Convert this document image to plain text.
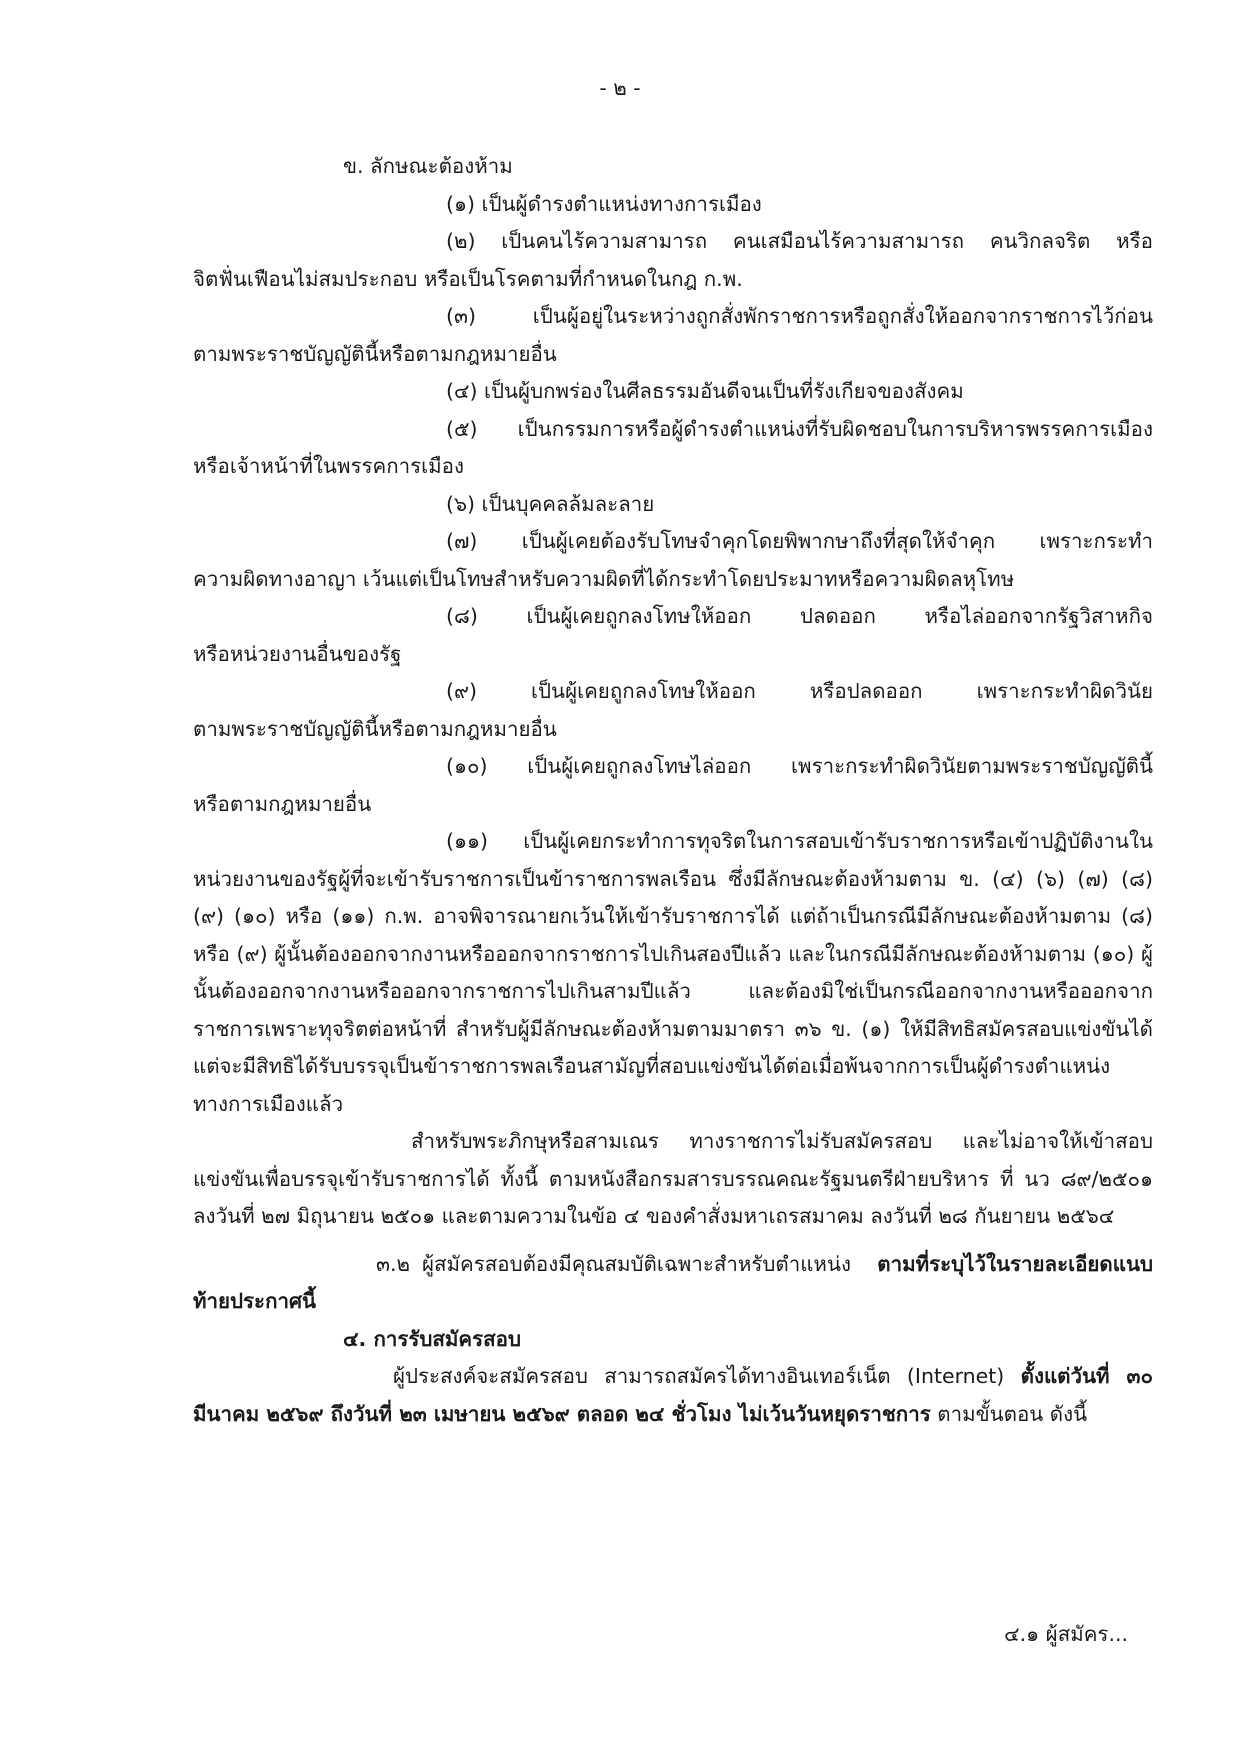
- ๒ -

ข. ลักษณะต้องห้าม

(๑) เป็นผู้ดำรงตำแหน่งทางการเมือง

(๒) เป็นคนไร้ความสามารถ คนเสมือนไร้ความสามารถ คนวิกลจริต หรือ

จิตฟั่นเฟือนไม่สมประกอบ หรือเป็นโรคตามที่กำหนดในกฎ ก.พ.

(๓) เป็นผู้อยู่ในระหว่างถูกสั่งพักราชการหรือถูกสั่งให้ออกจากราชการไว้ก่อน

ตามพระราชบัญญัตินี้หรือตามกฎหมายอื่น

(๔) เป็นผู้บกพร่องในศีลธรรมอันดีจนเป็นที่รังเกียจของสังคม

(๕) เป็นกรรมการหรือผู้ดำรงตำแหน่งที่รับผิดชอบในการบริหารพรรคการเมือง

หรือเจ้าหน้าที่ในพรรคการเมือง

(๖) เป็นบุคคลล้มละลาย

(๗) เป็นผู้เคยต้องรับโทษจำคุกโดยพิพากษาถึงที่สุดให้จำคุก เพราะกระทำ

ความผิดทางอาญา เว้นแต่เป็นโทษสำหรับความผิดที่ได้กระทำโดยประมาทหรือความผิดลหุโทษ

(๘) เป็นผู้เคยถูกลงโทษให้ออก ปลดออก หรือไล่ออกจากรัฐวิสาหกิจ

หรือหน่วยงานอื่นของรัฐ

(๙) เป็นผู้เคยถูกลงโทษให้ออก หรือปลดออก เพราะกระทำผิดวินัย

ตามพระราชบัญญัตินี้หรือตามกฎหมายอื่น

(๑๐) เป็นผู้เคยถูกลงโทษไล่ออก เพราะกระทำผิดวินัยตามพระราชบัญญัตินี้

หรือตามกฎหมายอื่น

(๑๑) เป็นผู้เคยกระทำการทุจริตในการสอบเข้ารับราชการหรือเข้าปฏิบัติงานในหน่วยงานของรัฐผู้ที่จะเข้ารับราชการเป็นข้าราชการพลเรือน ซึ่งมีลักษณะต้องห้ามตาม ข. (๔) (๖) (๗) (๘) (๙) (๑๐) หรือ (๑๑) ก.พ. อาจพิจารณายกเว้นให้เข้ารับราชการได้ แต่ถ้าเป็นกรณีมีลักษณะต้องห้ามตาม (๘) หรือ (๙) ผู้นั้นต้องออกจากงานหรือออกจากราชการไปเกินสองปีแล้ว และในกรณีมีลักษณะต้องห้ามตาม (๑๐) ผู้นั้นต้องออกจากงานหรือออกจากราชการไปเกินสามปีแล้ว และต้องมิใช่เป็นกรณีออกจากงานหรือออกจากราชการเพราะทุจริตต่อหน้าที่ สำหรับผู้มีลักษณะต้องห้ามตามมาตรา ๓๖ ข. (๑) ให้มีสิทธิสมัครสอบแข่งขันได้แต่จะมีสิทธิได้รับบรรจุเป็นข้าราชการพลเรือนสามัญที่สอบแข่งขันได้ต่อเมื่อพ้นจากการเป็นผู้ดำรงตำแหน่งทางการเมืองแล้ว

สำหรับพระภิกษุหรือสามเณร ทางราชการไม่รับสมัครสอบ และไม่อาจให้เข้าสอบแข่งขันเพื่อบรรจุเข้ารับราชการได้ ทั้งนี้ ตามหนังสือกรมสารบรรณคณะรัฐมนตรีฝ่ายบริหาร ที่ นว ๘๙/๒๕๐๑ ลงวันที่ ๒๗ มิถุนายน ๒๕๐๑ และตามความในข้อ ๔ ของคำสั่งมหาเถรสมาคม ลงวันที่ ๒๘ กันยายน ๒๕๖๔

๓.๒ ผู้สมัครสอบต้องมีคุณสมบัติเฉพาะสำหรับตำแหน่ง ตามที่ระบุไว้ในรายละเอียดแนบท้ายประกาศนี้

๔. การรับสมัครสอบ

ผู้ประสงค์จะสมัครสอบ สามารถสมัครได้ทางอินเทอร์เน็ต (Internet) ตั้งแต่วันที่ ๓๐ มีนาคม ๒๕๖๙ ถึงวันที่ ๒๓ เมษายน ๒๕๖๙ ตลอด ๒๔ ชั่วโมง ไม่เว้นวันหยุดราชการ ตามขั้นตอน ดังนี้

๔.๑ ผู้สมัคร...
